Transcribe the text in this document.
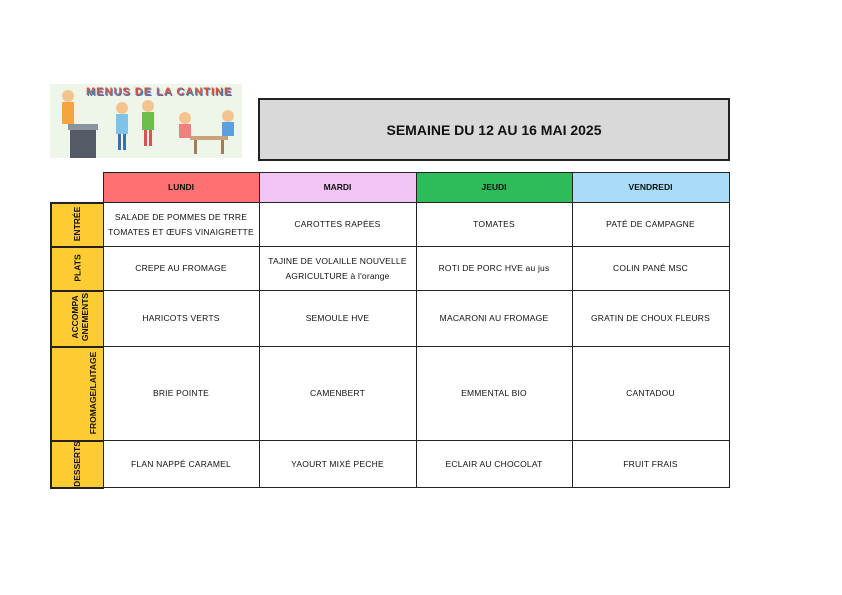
MENUS DE LA CANTINE
SEMAINE DU 12 AU 16 MAI 2025
	LUNDI	MARDI	JEUDI	VENDREDI
ENTRÉE	SALADE DE POMMES DE TRRE TOMATES ET ŒUFS VINAIGRETTE	CAROTTES RAPÉES	TOMATES	PATÉ DE CAMPAGNE
PLATS	CREPE AU FROMAGE	TAJINE DE VOLAILLE NOUVELLE AGRICULTURE à l'orange	ROTI DE PORC HVE au jus	COLIN PANÉ MSC
ACCOMPA GNEMENTS	HARICOTS VERTS	SEMOULE HVE	MACARONI AU FROMAGE	GRATIN DE CHOUX FLEURS
FROMAGE/LAITAGE	BRIE POINTE	CAMENBERT	EMMENTAL BIO	CANTADOU
DESSERTS	FLAN NAPPÉ CARAMEL	YAOURT MIXÉ PECHE	ECLAIR AU CHOCOLAT	FRUIT FRAIS
